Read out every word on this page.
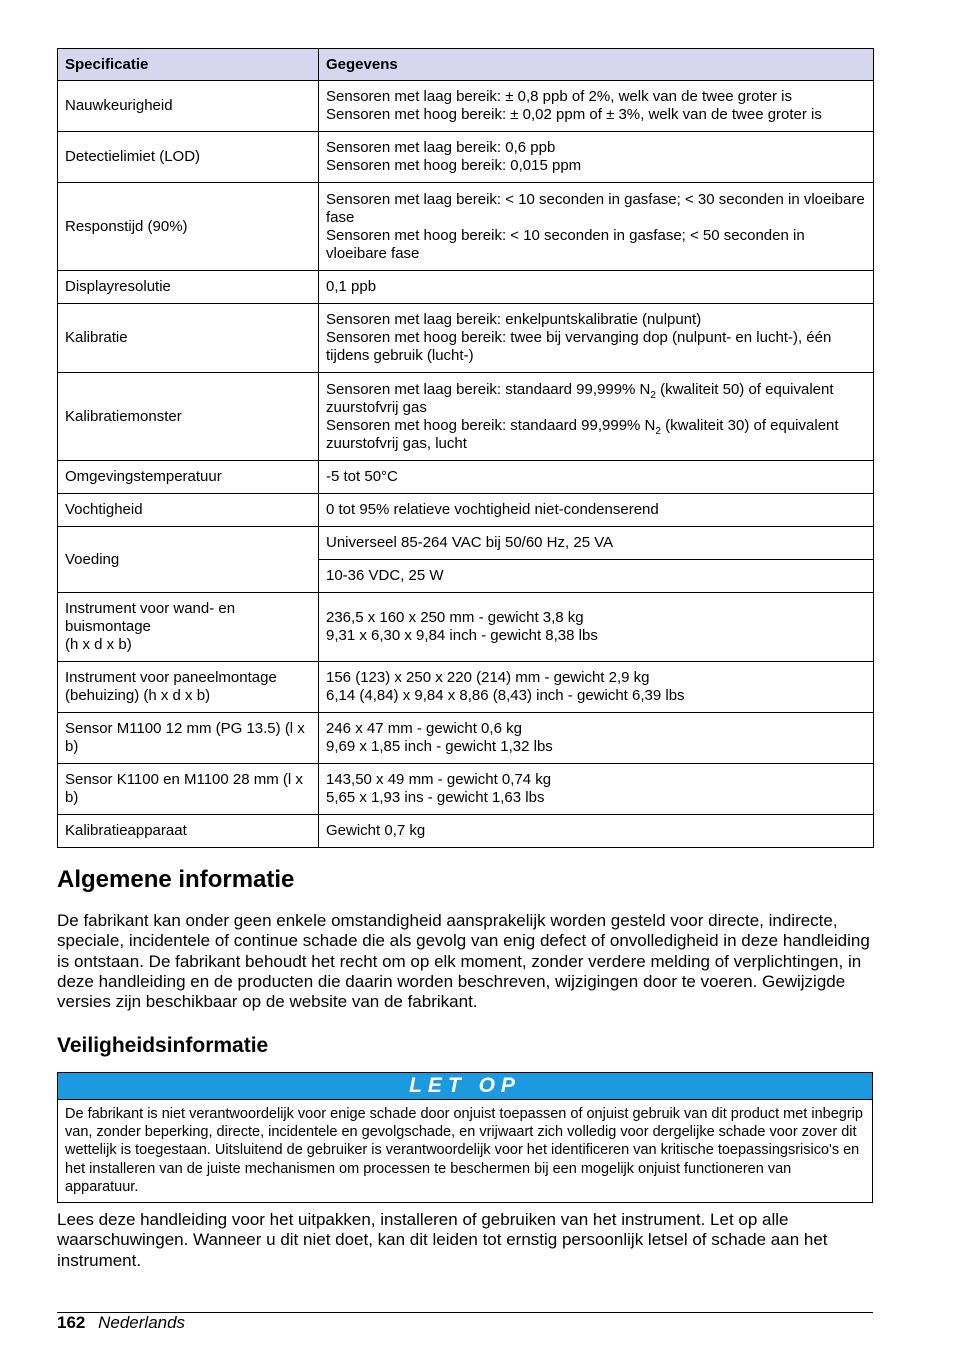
Specificatie	Gegevens
Nauwkeurigheid	Sensoren met laag bereik: ± 0,8 ppb of 2%, welk van de twee groter is
Sensoren met hoog bereik: ± 0,02 ppm of ± 3%, welk van de twee groter is

Detectielimiet (LOD)	Sensoren met laag bereik: 0,6 ppb
Sensoren met hoog bereik: 0,015 ppm

Responstijd (90%)	Sensoren met laag bereik: < 10 seconden in gasfase; < 30 seconden in vloeibare fase
Sensoren met hoog bereik: < 10 seconden in gasfase; < 50 seconden in vloeibare fase

Displayresolutie	0,1 ppb
Kalibratie	Sensoren met laag bereik: enkelpuntskalibratie (nulpunt)
Sensoren met hoog bereik: twee bij vervanging dop (nulpunt- en lucht-), één tijdens gebruik (lucht-)

Kalibratiemonster	Sensoren met laag bereik: standaard 99,999% $N_2$ (kwaliteit 50) of equivalent zuurstofvrij gas
Sensoren met hoog bereik: standaard 99,999% $N_2$ (kwaliteit 30) of equivalent zuurstofvrij gas, lucht

Omgevingstemperatuur	-5 tot 50°C
Vochtigheid	0 tot 95% relatieve vochtigheid niet-condenserend
Voeding	Universeel 85-264 VAC bij 50/60 Hz, 25 VA
	10-36 VDC, 25 W

Instrument voor wand- en buismontage
(h x d x b)	236,5 x 160 x 250 mm - gewicht 3,8 kg
9,31 x 6,30 x 9,84 inch - gewicht 8,38 lbs

Instrument voor paneelmontage (behuizing) (h x d x b)	156 (123) x 250 x 220 (214) mm - gewicht 2,9 kg
6,14 (4,84) x 9,84 x 8,86 (8,43) inch - gewicht 6,39 lbs

Sensor M1100 12 mm (PG 13.5) (l x b)	246 x 47 mm - gewicht 0,6 kg
9,69 x 1,85 inch - gewicht 1,32 lbs

Sensor K1100 en M1100 28 mm (l x b)	143,50 x 49 mm - gewicht 0,74 kg
5,65 x 1,93 ins - gewicht 1,63 lbs

Kalibratieapparaat	Gewicht 0,7 kg
Algemene informatie

De fabrikant kan onder geen enkele omstandigheid aansprakelijk worden gesteld voor directe, indirecte, speciale, incidentele of continue schade die als gevolg van enig defect of onvolledigheid in deze handleiding is ontstaan. De fabrikant behoudt het recht om op elk moment, zonder verdere melding of verplichtingen, in deze handleiding en de producten die daarin worden beschreven, wijzigingen door te voeren. Gewijzigde versies zijn beschikbaar op de website van de fabrikant.

Veiligheidsinformatie
LET OP
De fabrikant is niet verantwoordelijk voor enige schade door onjuist toepassen of onjuist gebruik van dit product met inbegrip van, zonder beperking, directe, incidentele en gevolgschade, en vrijwaart zich volledig voor dergelijke schade voor zover dit wettelijk is toegestaan. Uitsluitend de gebruiker is verantwoordelijk voor het identificeren van kritische toepassingsrisico's en het installeren van de juiste mechanismen om processen te beschermen bij een mogelijk onjuist functioneren van apparatuur.

Lees deze handleiding voor het uitpakken, installeren of gebruiken van het instrument. Let op alle waarschuwingen. Wanneer u dit niet doet, kan dit leiden tot ernstig persoonlijk letsel of schade aan het instrument.

162 Nederlands
